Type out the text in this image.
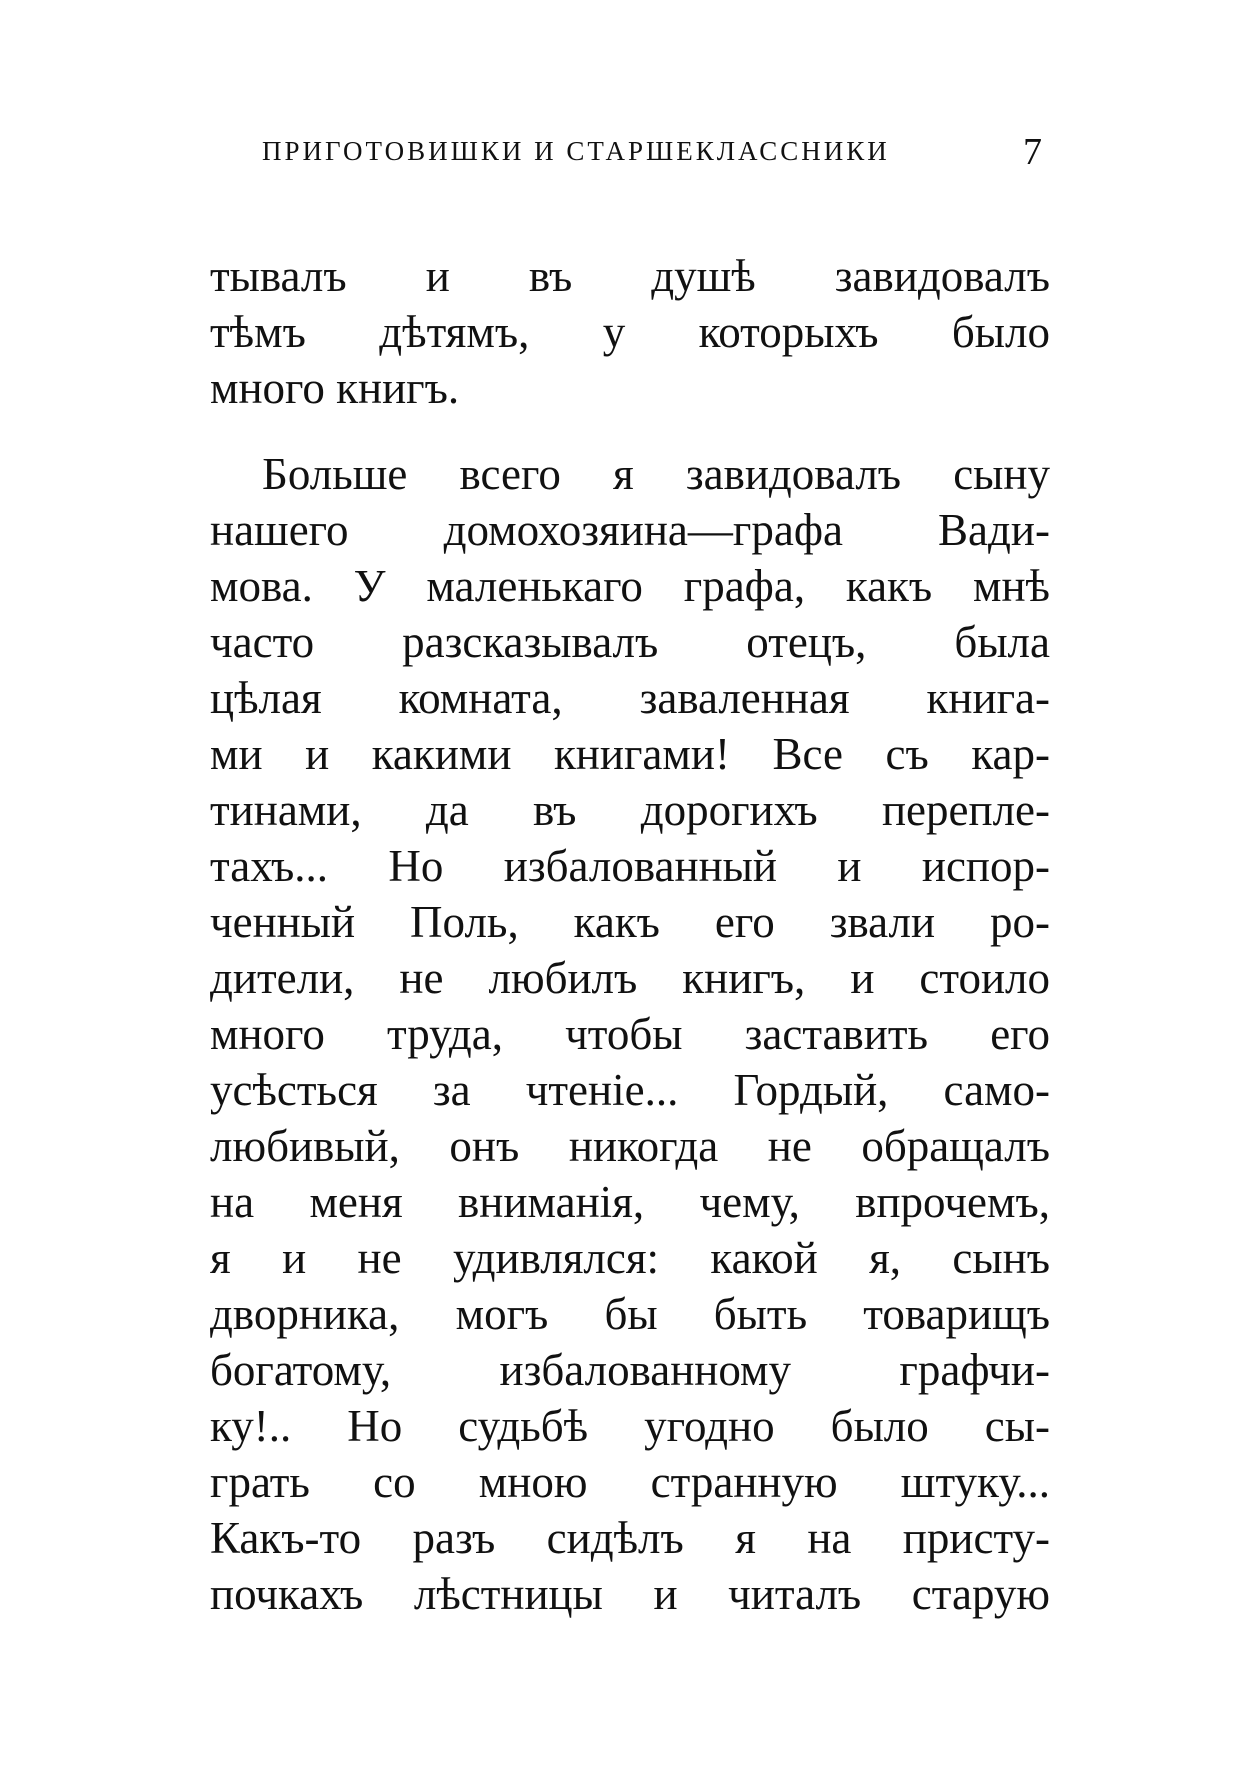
ПРИГОТОВИШКИ И СТАРШЕКЛАССНИКИ	7
тывалъ и въ душѣ завидовалъ
тѣмъ дѣтямъ, у которыхъ было
много книгъ.
Больше всего я завидовалъ сыну
нашего домохозяина—графа Вади-
мова. У маленькаго графа, какъ мнѣ
часто разсказывалъ отецъ, была
цѣлая комната, заваленная книга-
ми и какими книгами! Все съ кар-
тинами, да въ дорогихъ перепле-
тахъ... Но избалованный и испор-
ченный Поль, какъ его звали ро-
дители, не любилъ книгъ, и стоило
много труда, чтобы заставить его
усѣсться за чтеніе... Гордый, само-
любивый, онъ никогда не обращалъ
на меня вниманія, чему, впрочемъ,
я и не удивлялся: какой я, сынъ
дворника, могъ бы быть товарищъ
богатому, избалованному графчи-
ку!.. Но судьбѣ угодно было сы-
грать со мною странную штуку...
Какъ-то разъ сидѣлъ я на присту-
почкахъ лѣстницы и читалъ старую
